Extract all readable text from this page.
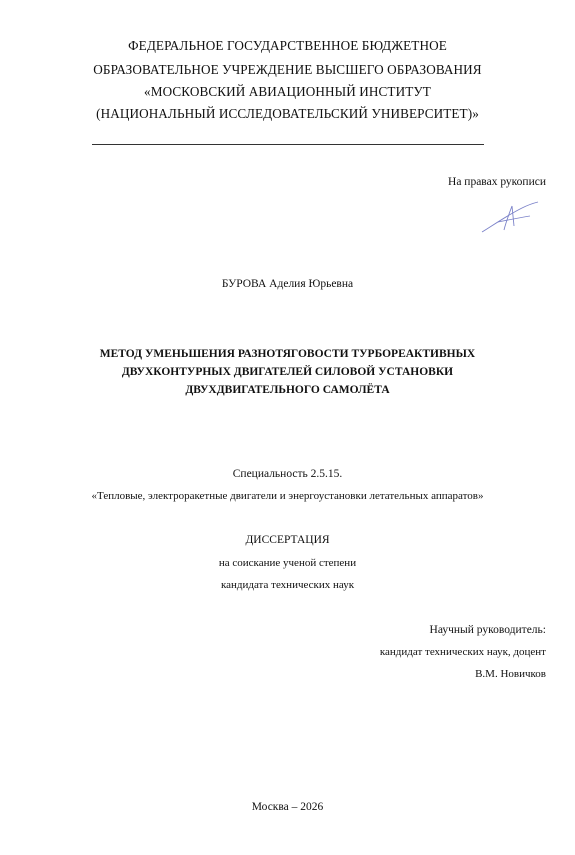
ФЕДЕРАЛЬНОЕ ГОСУДАРСТВЕННОЕ БЮДЖЕТНОЕ
ОБРАЗОВАТЕЛЬНОЕ УЧРЕЖДЕНИЕ ВЫСШЕГО ОБРАЗОВАНИЯ
«МОСКОВСКИЙ АВИАЦИОННЫЙ ИНСТИТУТ
(НАЦИОНАЛЬНЫЙ ИССЛЕДОВАТЕЛЬСКИЙ УНИВЕРСИТЕТ)»
На правах рукописи
БУРОВА Аделия Юрьевна
МЕТОД УМЕНЬШЕНИЯ РАЗНОТЯГОВОСТИ ТУРБОРЕАКТИВНЫХ
ДВУХКОНТУРНЫХ ДВИГАТЕЛЕЙ СИЛОВОЙ УСТАНОВКИ
ДВУХДВИГАТЕЛЬНОГО САМОЛЁТА
Специальность 2.5.15.
«Тепловые, электроракетные двигатели и энергоустановки летательных аппаратов»
ДИССЕРТАЦИЯ
на соискание ученой степени
кандидата технических наук
Научный руководитель:
кандидат технических наук, доцент
В.М. Новичков
Москва – 2026
